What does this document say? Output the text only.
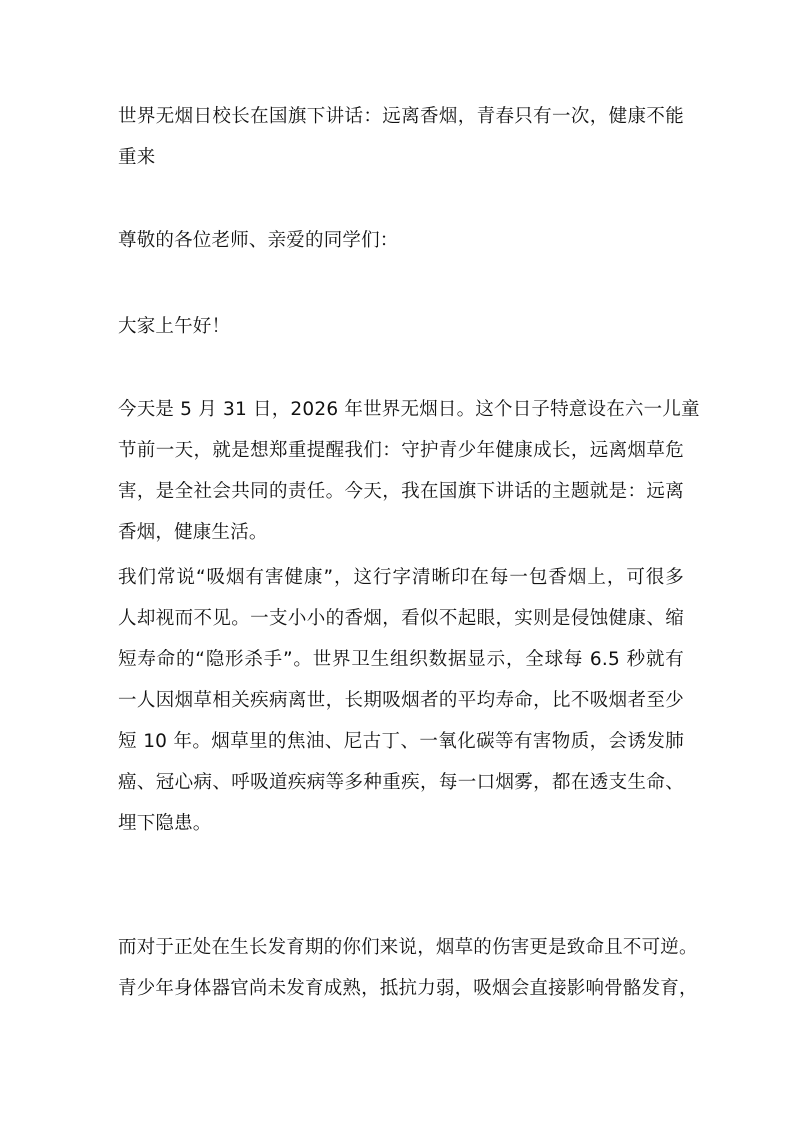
世界无烟日校长在国旗下讲话：远离香烟，青春只有一次，健康不能
重来
尊敬的各位老师、亲爱的同学们：
大家上午好！
今天是 5 月 31 日，2026 年世界无烟日。这个日子特意设在六一儿童
节前一天，就是想郑重提醒我们：守护青少年健康成长，远离烟草危
害，是全社会共同的责任。今天，我在国旗下讲话的主题就是：远离
香烟，健康生活。
我们常说“吸烟有害健康”，这行字清晰印在每一包香烟上，可很多
人却视而不见。一支小小的香烟，看似不起眼，实则是侵蚀健康、缩
短寿命的“隐形杀手”。世界卫生组织数据显示，全球每 6.5 秒就有
一人因烟草相关疾病离世，长期吸烟者的平均寿命，比不吸烟者至少
短 10 年。烟草里的焦油、尼古丁、一氧化碳等有害物质，会诱发肺
癌、冠心病、呼吸道疾病等多种重疾，每一口烟雾，都在透支生命、
埋下隐患。
而对于正处在生长发育期的你们来说，烟草的伤害更是致命且不可逆。
青少年身体器官尚未发育成熟，抵抗力弱，吸烟会直接影响骨骼发育，
